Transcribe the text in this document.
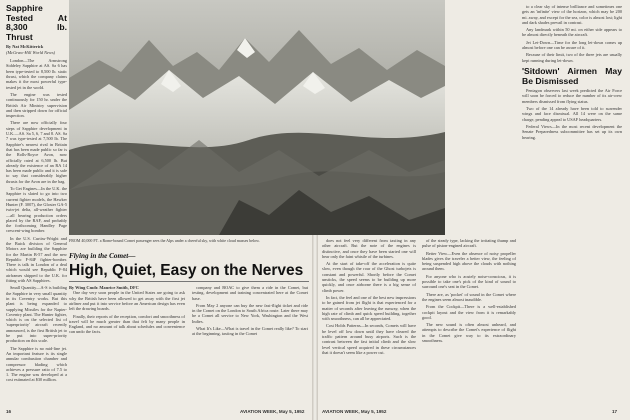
Sapphire Tested At 8,300 lb. Thrust
By Nat McKitterick
(McGraw-Hill World News)

London—The Armstrong Siddeley Sapphire at AS. Sa 6 has been type-tested to 8,500 lb. static thrust, which the company claims makes it the most powerful type-tested jet in the world.

The engine was tested continuously for 150 hr. under the British Air Ministry supervision and then stripped down for official inspection.

There are now officially four steps of Sapphire development in U.K.—AS. Sa 5, 6, 7 and 8. AS. Sa 7 was type-tested at 7,500 lb. The Sapphire's nearest rival in Britain that has been made public so far is the Rolls-Royce Avon, now officially rated at 6,500 lb. But already the existence of an RA 14 has been made public and it is safe to say that considerably higher thrusts for the Avon are in the bag.

To Get Engines—In the U.K. the Sapphire is slated to go into two current fighter models, the Hawker Hunter (F. 3007), the Gloster GA-5 twin-jet delta, all-weather fighter—all bearing production orders placed by the RAF, and probably the forthcoming Handley Page crescent-wing bomber.

In the U.S. Curtiss-Wright and the Buick division of General Motors are building the Sapphire for the Martin B-57 and the new Republic F-84F fighter-bomber. There is talk in London of a deal which would see Republic F-84 airframes shipped to the U.K. for fitting with AS Sapphires.

Small Quantity—A-S is building the Sapphire in very small quantity in its Coventry works. But this plant is being expanded to supplying Missiles for the Napier-Coventry plant. The Hunter fighter, which is on the selected list of 'superpriority' aircraft recently announced, is the first British jet to be put into super-priority production on this scale.

The Sapphire is no mid-line jet. An important feature is its single annular combustion chamber and compressor blading which achieves a pressure ratio of 7.5 to 1. The engine was developed at a cost estimated at $30 million.

FROM 40,000 FT. a Rome-bound Comet passenger sees the Alps under a cheerful sky, with white cloud masses below.
Flying in the Comet—
High, Quiet, Easy on the Nerves
By Wing Cmdr. Maurice Smith, DFC

One day very soon people in the United States are going to ask why the British have been allowed to get away with the first jet airliner and put it into service before an American design has even left the drawing boards.

Finally, their reports of the reception, comfort and smoothness of travel will be much greater than that felt by many people in England, and no amount of talk about schedules and convenience can undo the facts.

company and BOAC to give them a ride in the Comet, but testing, development and training concentrated here at the Comet base.

From May 2 anyone can buy the new fast-flight ticket and ride in the Comet on the London to South Africa route. Later there may be a Comet all service to New York, Washington and the West Indies.

What It's Like—What is travel in the Comet really like? To start at the beginning, taxiing in the Comet

does not feel very different from taxiing in any other aircraft. But the note of the engines is distinctive, and once they have been started one will hear only the faint whistle of the turbines.

At the start of take-off the acceleration is quite slow, even though the roar of the Ghost turbojets is constant and powerful. Shortly before the Comet unsticks, the speed seems to be building up more quickly, and once airborne there is a big sense of climb power.

In fact, the feel and one of the best new impressions to be gained from jet flight is that experienced for a matter of seconds after leaving the runway, when the high rate of climb and quick speed building, together with smoothness, can all be appreciated.

Cost Holds Patterns—In seconds, Comets will have be level off low down until they have cleared the traffic pattern around busy airports. Such is the contrast between the fast initial climb and the slow level vertical speed acquired in these circumstances that it doesn't seem like a power cut.

of the steady type, lacking the irritating thump and pulse of piston-engined aircraft.

Better View—Even the absence of noisy propeller blades gives the traveler a better view, the feeling of being suspended high above the clouds with nothing around them.

For anyone who is acutely noise-conscious, it is possible to take one's pick of the kind of sound to surround one's seat in the Comet.

There are, as 'pocket' of sound in the Comet where the engines seem almost inaudible.

From the Cockpit—There is a well-established cockpit layout and the view from it is remarkably good.

The new sound is often almost unheard, and attempts to describe the Comet's experience of flight in the Comet give way to its extraordinary smoothness.

to a clear sky of intense brilliance and sometimes one gets an 'infinite' view of the horizon, which may be 200 mi. away, and except for the sea, color is almost lost; light and dark shades prevail in contrast.

Any landmark within 50 mi. on either side appears to be almost directly beneath the aircraft.

Jet Let-Down—Time for the long let-down comes up almost before one can be aware of it.

Because of their limit, two of the three jets are usually kept running during let-down.

'Sitdown' Airmen May Be Dismissed

Pentagon observers last week predicted the Air Force will soon be forced to reduce the number of its air-crew members dismissed from flying status.

Two of the 14 already have been told to surrender wings and face dismissal. All 14 were on the same charge, pending appeal to USAF headquarters.

Federal Views—In the most recent development the Senate Preparedness subcommittee has set up its own hearing.

16	AVIATION WEEK, May 5, 1952	AVIATION WEEK, May 5, 1952	17
